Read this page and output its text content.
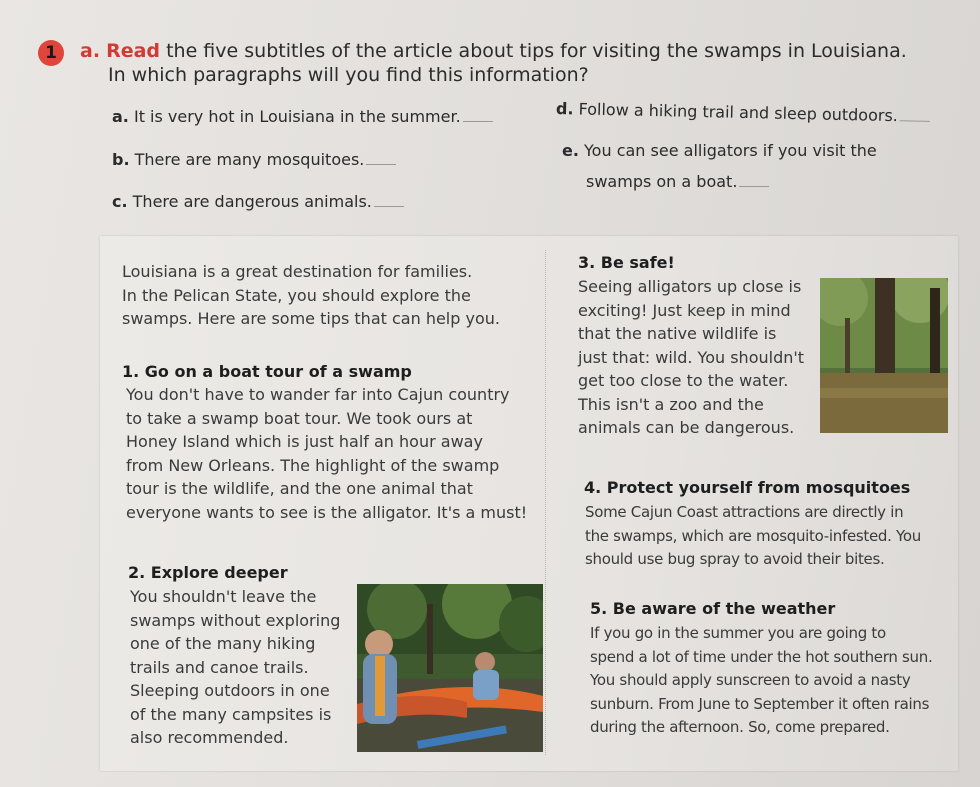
1 a. Read the five subtitles of the article about tips for visiting the swamps in Louisiana.
In which paragraphs will you find this information?
a. It is very hot in Louisiana in the summer.
b. There are many mosquitoes.
c. There are dangerous animals.
d. Follow a hiking trail and sleep outdoors.
e. You can see alligators if you visit the
swamps on a boat.
Louisiana is a great destination for families.
In the Pelican State, you should explore the
swamps. Here are some tips that can help you.
1. Go on a boat tour of a swamp
You don't have to wander far into Cajun country
to take a swamp boat tour. We took ours at
Honey Island which is just half an hour away
from New Orleans. The highlight of the swamp
tour is the wildlife, and the one animal that
everyone wants to see is the alligator. It's a must!
2. Explore deeper
You shouldn't leave the
swamps without exploring
one of the many hiking
trails and canoe trails.
Sleeping outdoors in one
of the many campsites is
also recommended.
3. Be safe!
Seeing alligators up close is
exciting! Just keep in mind
that the native wildlife is
just that: wild. You shouldn't
get too close to the water.
This isn't a zoo and the
animals can be dangerous.
4. Protect yourself from mosquitoes
Some Cajun Coast attractions are directly in
the swamps, which are mosquito-infested. You
should use bug spray to avoid their bites.
5. Be aware of the weather
If you go in the summer you are going to
spend a lot of time under the hot southern sun.
You should apply sunscreen to avoid a nasty
sunburn. From June to September it often rains
during the afternoon. So, come prepared.
